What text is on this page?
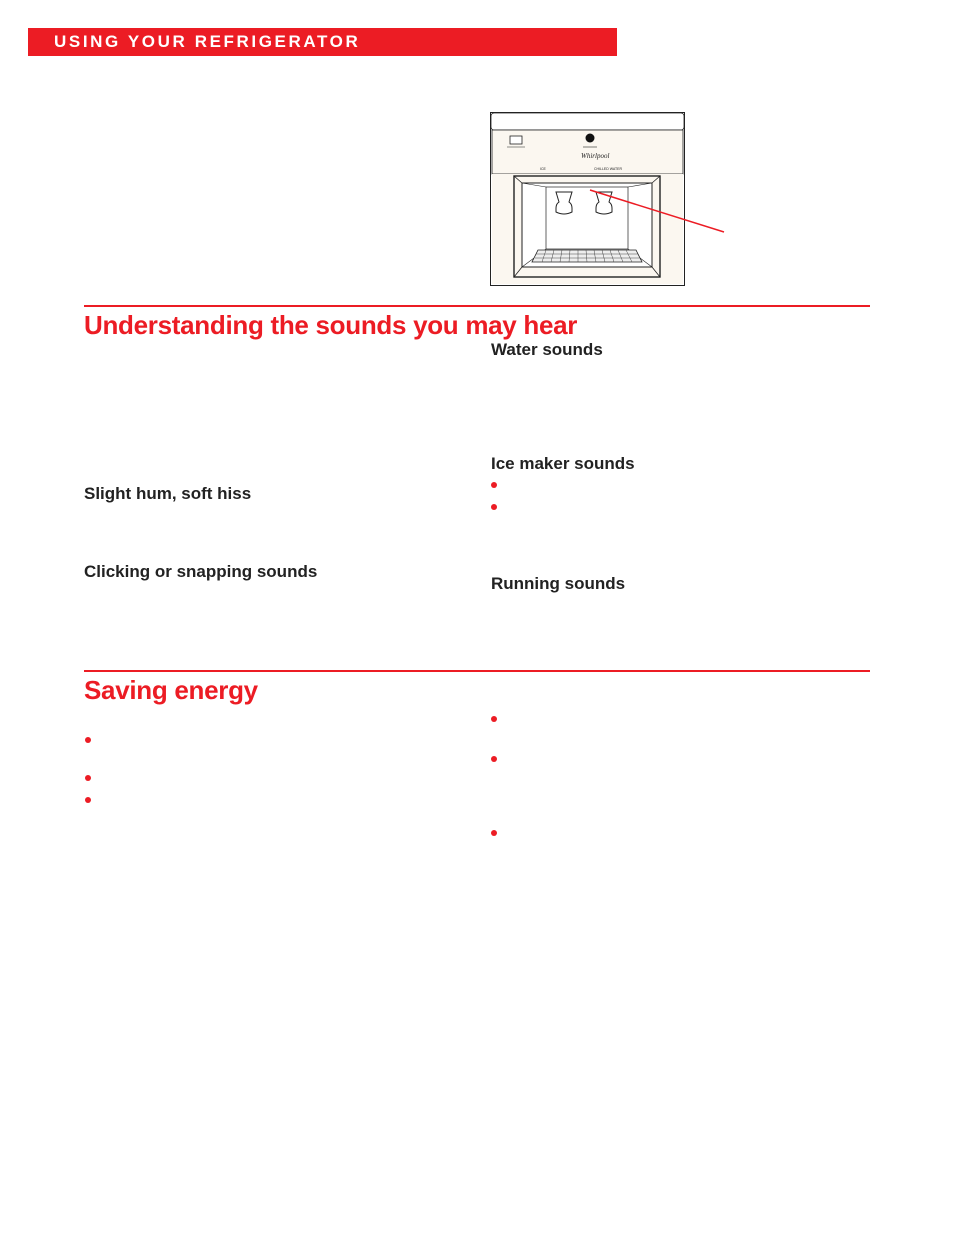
USING YOUR REFRIGERATOR
Whirlpool
ICE	CHILLED WATER
Understanding the sounds you may hear
Water sounds
Ice maker sounds
Slight hum, soft hiss
Clicking or snapping sounds
Running sounds
Saving energy
